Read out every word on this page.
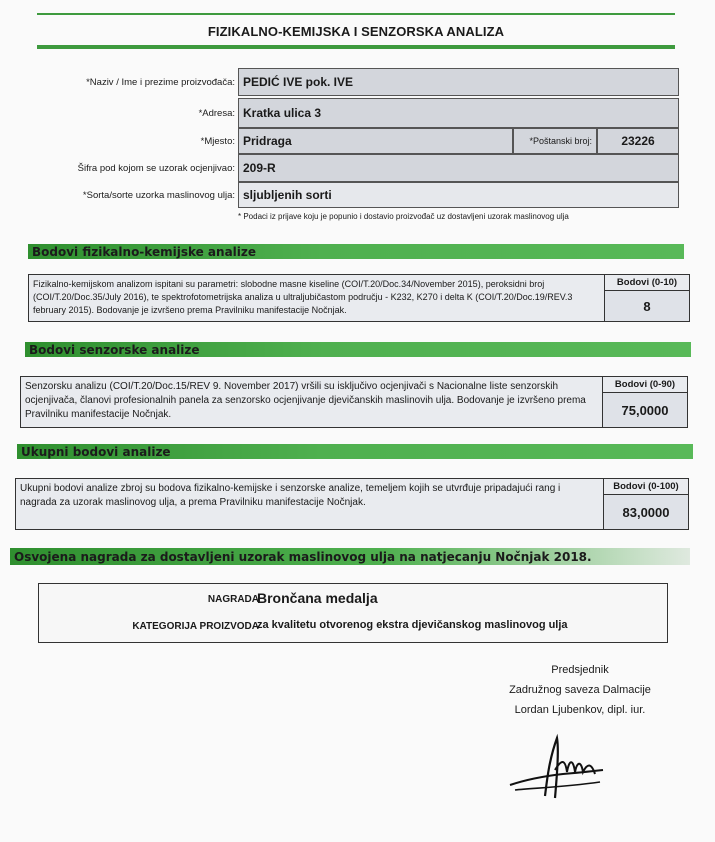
FIZIKALNO-KEMIJSKA I SENZORSKA ANALIZA
*Naziv / Ime i prezime proizvođača: PEDIĆ IVE pok. IVE
*Adresa: Kratka ulica 3
*Mjesto: Pridraga	*Poštanski broj:	23226
Šifra pod kojom se uzorak ocjenjivao: 209-R
*Sorta/sorte uzorka maslinovog ulja: sljubljenih sorti
* Podaci iz prijave koju je popunio i dostavio proizvođač uz dostavljeni uzorak maslinovog ulja
Bodovi fizikalno-kemijske analize
Fizikalno-kemijskom analizom ispitani su parametri: slobodne masne kiseline (COI/T.20/Doc.34/November 2015), peroksidni broj (COI/T.20/Doc.35/July 2016), te spektrofotometrijska analiza u ultraljubičastom području - K232, K270 i delta K (COI/T.20/Doc.19/REV.3 february 2015). Bodovanje je izvršeno prema Pravilniku manifestacije Nočnjak.
Bodovi (0-10)
8
Bodovi senzorske analize
Senzorsku analizu (COI/T.20/Doc.15/REV 9. November 2017) vršili su isključivo ocjenjivači s Nacionalne liste senzorskih ocjenjivača, članovi profesionalnih panela za senzorsko ocjenjivanje djevičanskih maslinovih ulja. Bodovanje je izvršeno prema Pravilniku manifestacije Nočnjak.
Bodovi (0-90)
75,0000
Ukupni bodovi analize
Ukupni bodovi analize zbroj su bodova fizikalno-kemijske i senzorske analize, temeljem kojih se utvrđuje pripadajući rang i nagrada za uzorak maslinovog ulja, a prema Pravilniku manifestacije Nočnjak.
Bodovi (0-100)
83,0000
Osvojena nagrada za dostavljeni uzorak maslinovog ulja na natjecanju Nočnjak 2018.
NAGRADA
Brončana medalja
KATEGORIJA PROIZVODA
za kvalitetu otvorenog ekstra djevičanskog maslinovog ulja
Predsjednik
Zadružnog saveza Dalmacije
Lordan Ljubenkov, dipl. iur.
